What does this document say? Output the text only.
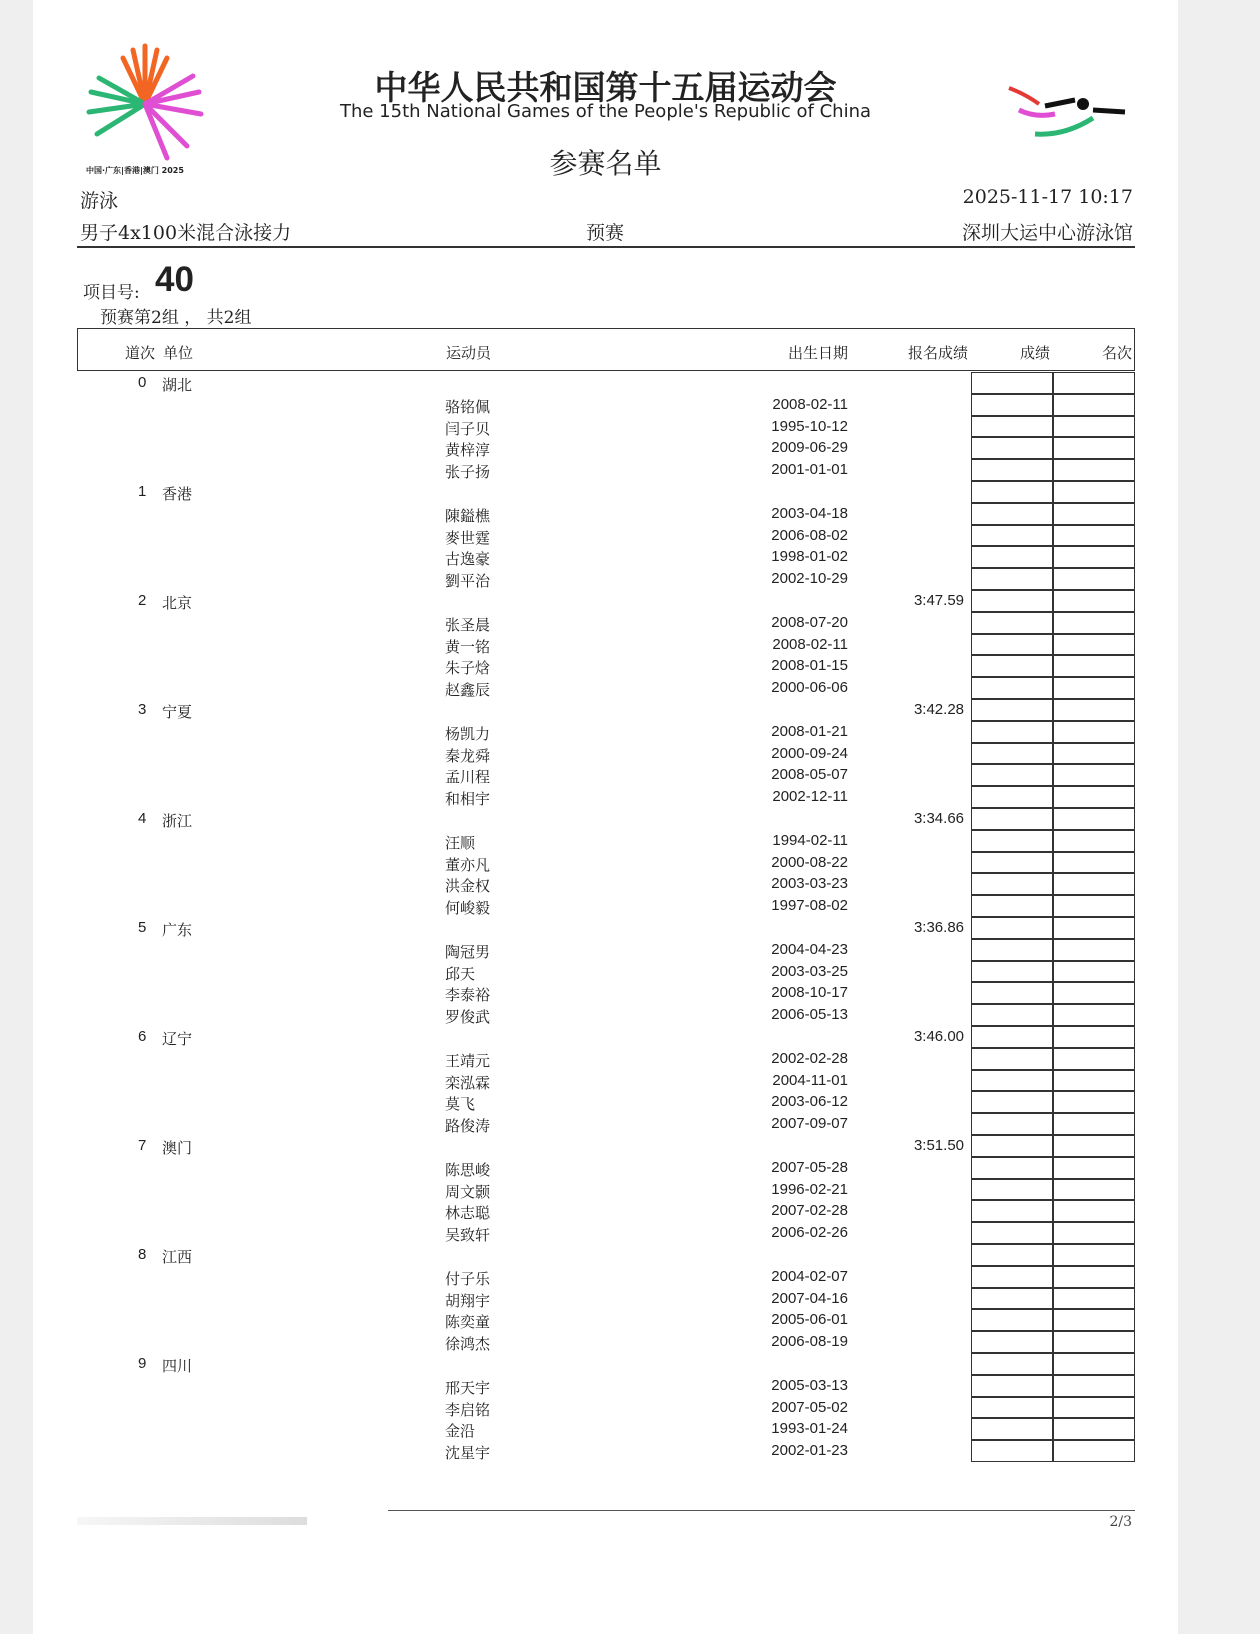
中国·广东|香港|澳门 2025
中华人民共和国第十五届运动会
The 15th National Games of the People's Republic of China
参赛名单
游泳	2025-11-17 10:17
男子4x100米混合泳接力	预赛	深圳大运中心游泳馆
项目号: 40
预赛第2组 ， 共2组
道次 单位	运动员	出生日期	报名成绩	成绩	名次
0 湖北
骆铭佩	2008-02-11
闫子贝	1995-10-12
黄梓淳	2009-06-29
张子扬	2001-01-01
1 香港
陳鎰樵	2003-04-18
麥世霆	2006-08-02
古逸豪	1998-01-02
劉平治	2002-10-29
2 北京	3:47.59
张圣晨	2008-07-20
黄一铭	2008-02-11
朱子焓	2008-01-15
赵鑫辰	2000-06-06
3 宁夏	3:42.28
杨凯力	2008-01-21
秦龙舜	2000-09-24
孟川程	2008-05-07
和相宇	2002-12-11
4 浙江	3:34.66
汪顺	1994-02-11
董亦凡	2000-08-22
洪金权	2003-03-23
何峻毅	1997-08-02
5 广东	3:36.86
陶冠男	2004-04-23
邱天	2003-03-25
李泰裕	2008-10-17
罗俊武	2006-05-13
6 辽宁	3:46.00
王靖元	2002-02-28
栾泓霖	2004-11-01
莫飞	2003-06-12
路俊涛	2007-09-07
7 澳门	3:51.50
陈思峻	2007-05-28
周文颢	1996-02-21
林志聪	2007-02-28
吴致轩	2006-02-26
8 江西
付子乐	2004-02-07
胡翔宇	2007-04-16
陈奕童	2005-06-01
徐鸿杰	2006-08-19
9 四川
邢天宇	2005-03-13
李启铭	2007-05-02
金沿	1993-01-24
沈星宇	2002-01-23
2/3
